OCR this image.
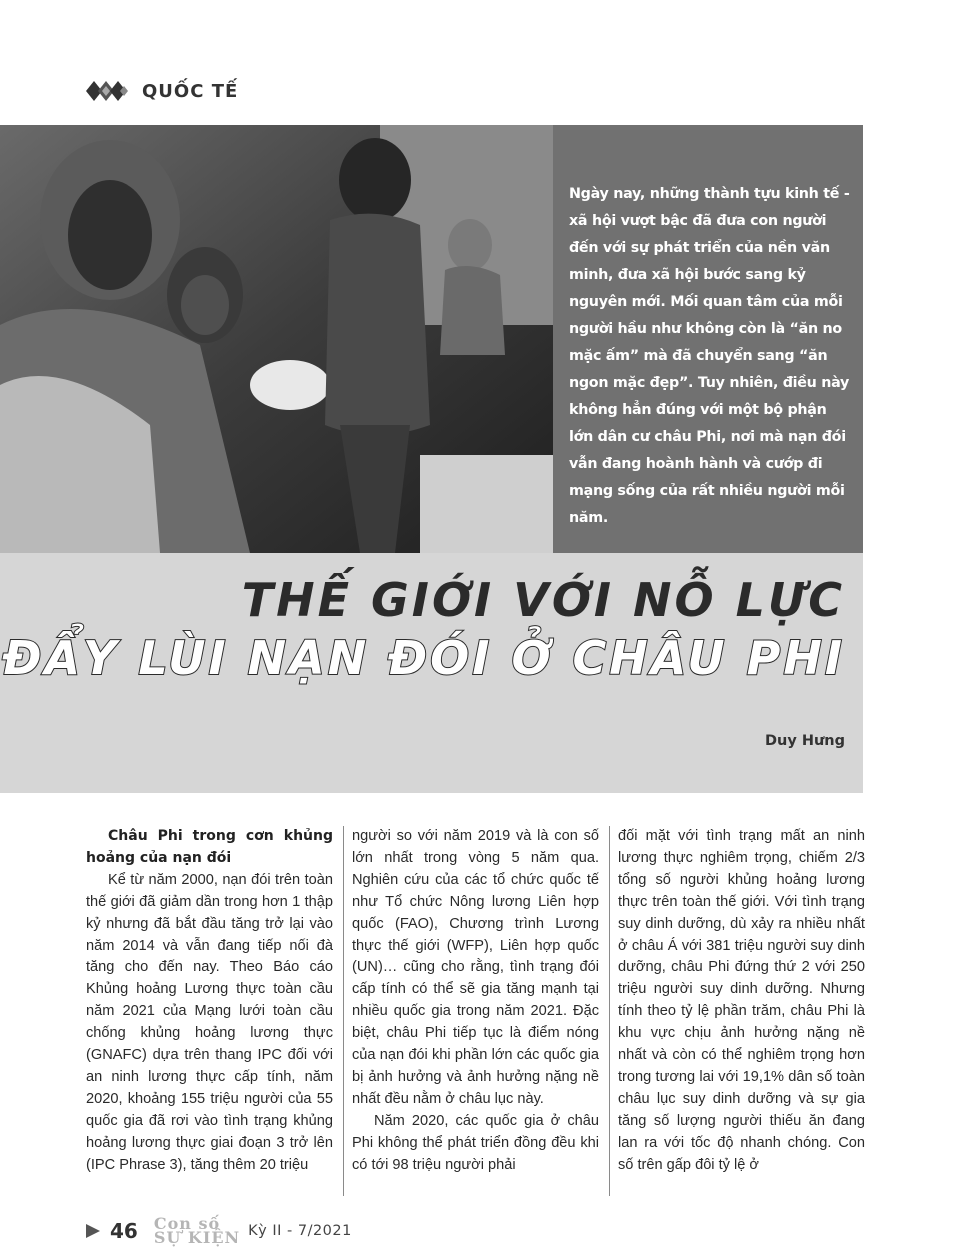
QUỐC TẾ

Ngày nay, những thành tựu kinh tế - xã hội vượt bậc đã đưa con người đến với sự phát triển của nền văn minh, đưa xã hội bước sang kỷ nguyên mới. Mối quan tâm của mỗi người hầu như không còn là “ăn no mặc ấm” mà đã chuyển sang “ăn ngon mặc đẹp”. Tuy nhiên, điều này không hẳn đúng với một bộ phận lớn dân cư châu Phi, nơi mà nạn đói vẫn đang hoành hành và cướp đi mạng sống của rất nhiều người mỗi năm.

THẾ GIỚI VỚI NỖ LỰC
ĐẨY LÙI NẠN ĐÓI Ở CHÂU PHI
Duy Hưng
Châu Phi trong cơn khủng hoảng của nạn đói

Kể từ năm 2000, nạn đói trên toàn thế giới đã giảm dần trong hơn 1 thập kỷ nhưng đã bắt đầu tăng trở lại vào năm 2014 và vẫn đang tiếp nối đà tăng cho đến nay. Theo Báo cáo Khủng hoảng Lương thực toàn cầu năm 2021 của Mạng lưới toàn cầu chống khủng hoảng lương thực (GNAFC) dựa trên thang IPC đối với an ninh lương thực cấp tính, năm 2020, khoảng 155 triệu người của 55 quốc gia đã rơi vào tình trạng khủng hoảng lương thực giai đoạn 3 trở lên (IPC Phrase 3), tăng thêm 20 triệu

người so với năm 2019 và là con số lớn nhất trong vòng 5 năm qua. Nghiên cứu của các tổ chức quốc tế như Tổ chức Nông lương Liên hợp quốc (FAO), Chương trình Lương thực thế giới (WFP), Liên hợp quốc (UN)… cũng cho rằng, tình trạng đói cấp tính có thể sẽ gia tăng mạnh tại nhiều quốc gia trong năm 2021. Đặc biệt, châu Phi tiếp tục là điểm nóng của nạn đói khi phần lớn các quốc gia bị ảnh hưởng và ảnh hưởng nặng nề nhất đều nằm ở châu lục này.

Năm 2020, các quốc gia ở châu Phi không thể phát triển đồng đều khi có tới 98 triệu người phải

đối mặt với tình trạng mất an ninh lương thực nghiêm trọng, chiếm 2/3 tổng số người khủng hoảng lương thực trên toàn thế giới. Với tình trạng suy dinh dưỡng, dù xảy ra nhiều nhất ở châu Á với 381 triệu người suy dinh dưỡng, châu Phi đứng thứ 2 với 250 triệu người suy dinh dưỡng. Nhưng tính theo tỷ lệ phần trăm, châu Phi là khu vực chịu ảnh hưởng nặng nề nhất và còn có thể nghiêm trọng hơn trong tương lai với 19,1% dân số toàn châu lục suy dinh dưỡng và sự gia tăng số lượng người thiếu ăn đang lan ra với tốc độ nhanh chóng. Con số trên gấp đôi tỷ lệ ở

46 Con số
SỰ KIỆN Kỳ II - 7/2021
